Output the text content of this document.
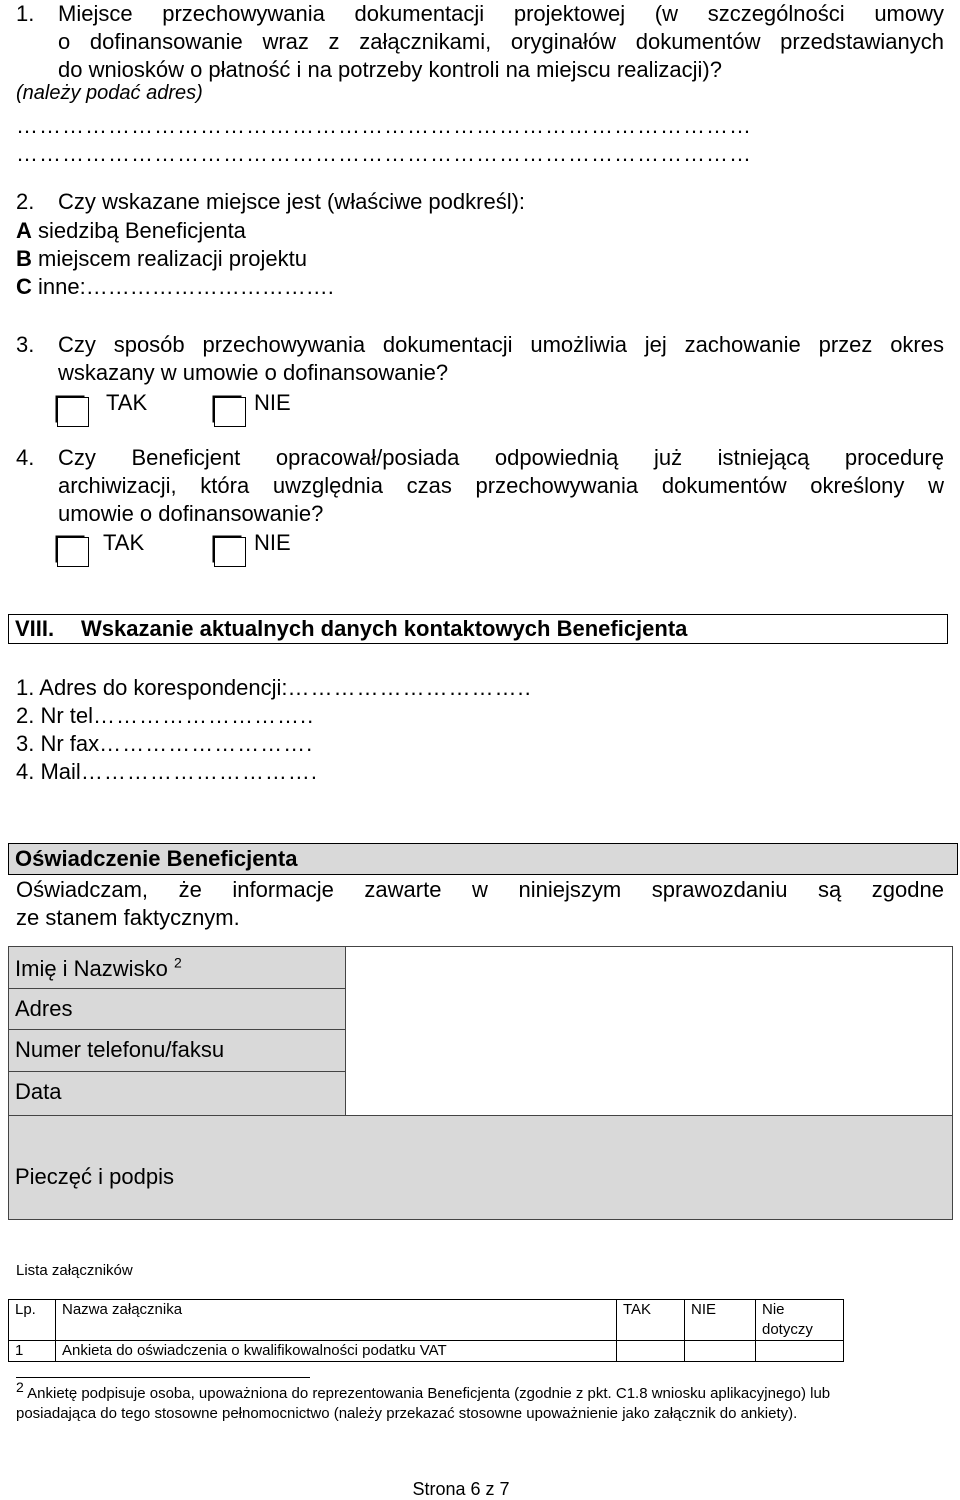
1. Miejsce przechowywania dokumentacji projektowej (w szczególności umowy
o dofinansowanie wraz z załącznikami, oryginałów dokumentów przedstawianych
do wniosków o płatność i na potrzeby kontroli na miejscu realizacji)?
(należy podać adres)
……………………………………………………………………………………
……………………………………………………………………………………
2. Czy wskazane miejsce jest (właściwe podkreśl):
A siedzibą Beneficjenta
B miejscem realizacji projektu
C inne:…………………………….
3. Czy sposób przechowywania dokumentacji umożliwia jej zachowanie przez okres
wskazany w umowie o dofinansowanie?
TAK	NIE
4. Czy Beneficjent opracował/posiada odpowiednią już istniejącą procedurę
archiwizacji, która uwzględnia czas przechowywania dokumentów określony w
umowie o dofinansowanie?
TAK	NIE
VIII. Wskazanie aktualnych danych kontaktowych Beneficjenta
1. Adres do korespondencji:…………………………..
2. Nr tel………………………..
3. Nr fax……………………….
4. Mail………………………….
Oświadczenie Beneficjenta
Oświadczam, że informacje zawarte w niniejszym sprawozdaniu są zgodne
ze stanem faktycznym.
Imię i Nazwisko $^2$	
Adres
Numer telefonu/faksu
Data
Pieczęć i podpis
Lista załączników
Lp.	Nazwa załącznika	TAK	NIE	Nie dotyczy
1	Ankieta do oświadczenia o kwalifikowalności podatku VAT			
$^2$ Ankietę podpisuje osoba, upoważniona do reprezentowania Beneficjenta (zgodnie z pkt. C1.8 wniosku aplikacyjnego) lub
posiadająca do tego stosowne pełnomocnictwo (należy przekazać stosowne upoważnienie jako załącznik do ankiety).
Strona 6 z 7
